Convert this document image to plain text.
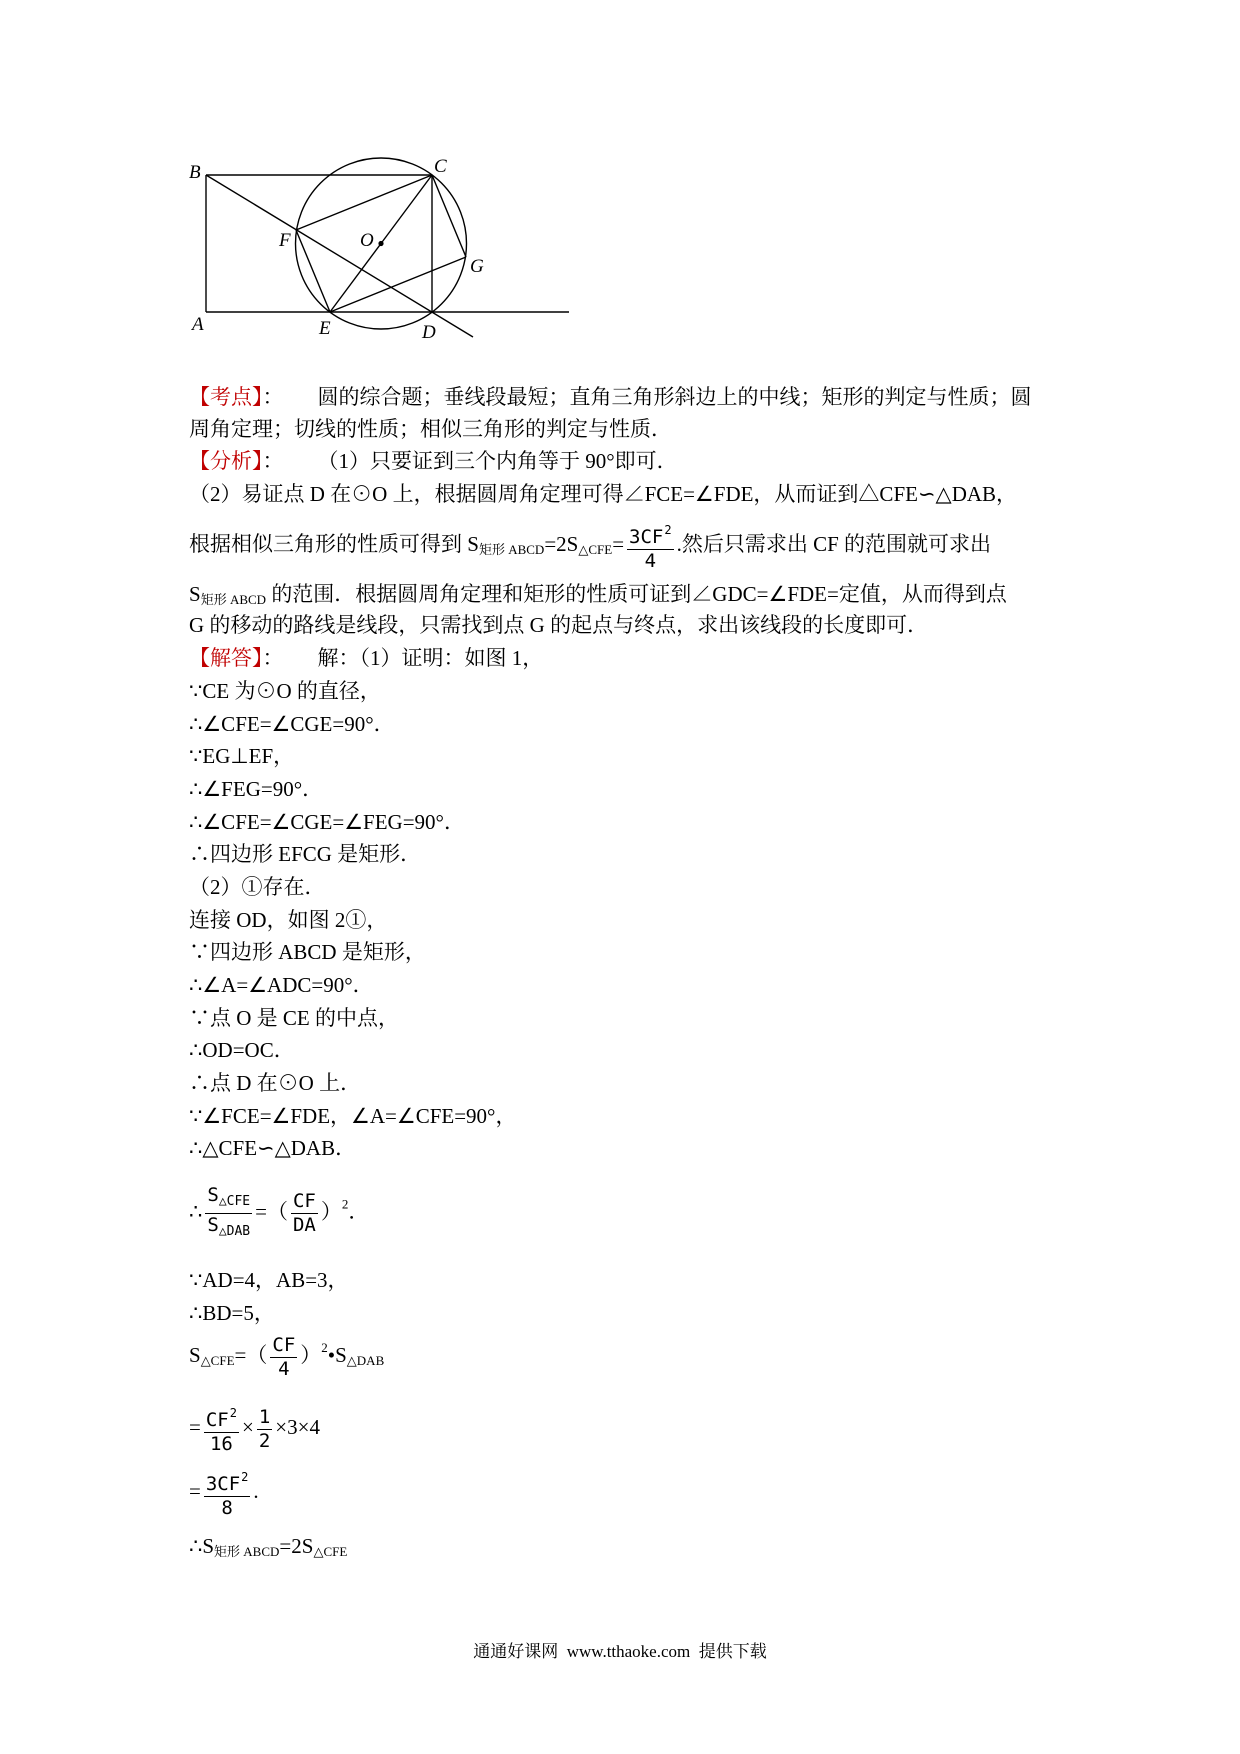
B	C
F	O
G
A	E	D
【考点】： 圆的综合题；垂线段最短；直角三角形斜边上的中线；矩形的判定与性质；圆
周角定理；切线的性质；相似三角形的判定与性质．
【分析】： （1）只要证到三个内角等于 90°即可．
（2）易证点 D 在⊙O 上，根据圆周角定理可得∠FCE=∠FDE，从而证到△CFE∽△DAB，
根据相似三角形的性质可得到 $S_{矩形 ABCD}=2S_{\triangle CFE}= \frac{3CF^2}{4}$ .然后只需求出 CF 的范围就可求出
$S_{矩形 ABCD}$ 的范围．根据圆周角定理和矩形的性质可证到∠GDC=∠FDE=定值，从而得到点
G 的移动的路线是线段，只需找到点 G 的起点与终点，求出该线段的长度即可．
【解答】： 解：（1）证明：如图 1，
∵CE 为⊙O 的直径，
∴∠CFE=∠CGE=90°．
∵EG⊥EF，
∴∠FEG=90°．
∴∠CFE=∠CGE=∠FEG=90°．
∴四边形 EFCG 是矩形．
（2）①存在．
连接 OD，如图 2①，
∵四边形 ABCD 是矩形，
∴∠A=∠ADC=90°．
∵点 O 是 CE 的中点，
∴OD=OC．
∴点 D 在⊙O 上．
∵∠FCE=∠FDE，∠A=∠CFE=90°，
∴△CFE∽△DAB．
∴ $\frac{S_{\triangle CFE}}{S_{\triangle DAB}}$ =（ $\frac{CF}{DA} )^2$．
∵AD=4，AB=3，
∴BD=5，
$S_{\triangle CFE}=( \frac{CF}{4}$ ）$^2•S_{\triangle DAB}$
= $\frac{CF^2}{16} \times \frac{1}{2} \times 3\times 4$
= $\frac{3CF^2}{8}$ .
$\therefore S_{矩形 ABCD}=2S_{\triangle CFE}$
通通好课网  www.tthaoke.com  提供下载
